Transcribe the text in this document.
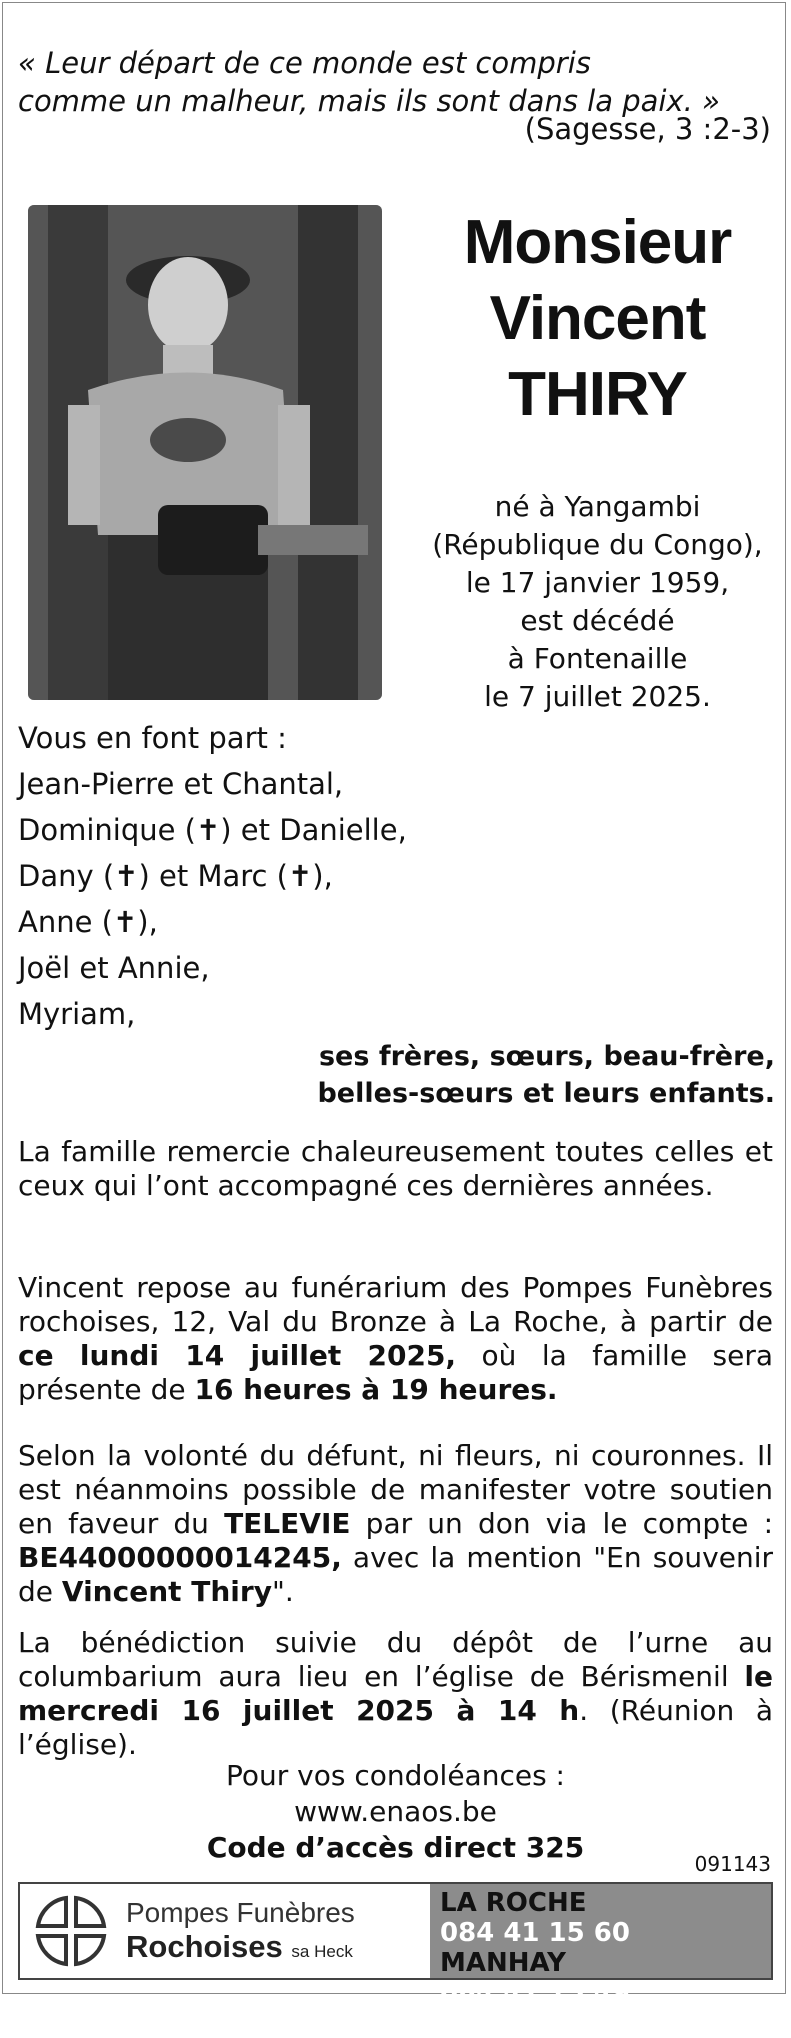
« Leur départ de ce monde est compris
comme un malheur, mais ils sont dans la paix. »
(Sagesse, 3 :2-3)
Monsieur
Vincent
THIRY
né à Yangambi
(République du Congo),
le 17 janvier 1959,
est décédé
à Fontenaille
le 7 juillet 2025.
Vous en font part :
Jean-Pierre et Chantal,
Dominique (✝) et Danielle,
Dany (✝) et Marc (✝),
Anne (✝),
Joël et Annie,
Myriam,
ses frères, sœurs, beau-frère,
belles-sœurs et leurs enfants.
La famille remercie chaleureusement toutes celles et ceux qui l’ont accompagné ces dernières années.
Vincent repose au funérarium des Pompes Funèbres rochoises, 12, Val du Bronze à La Roche, à partir de ce lundi 14 juillet 2025, où la famille sera présente de 16 heures à 19 heures.
Selon la volonté du défunt, ni fleurs, ni couronnes. Il est néanmoins possible de manifester votre soutien en faveur du TELEVIE par un don via le compte : BE44000000014245, avec la mention "En souvenir de Vincent Thiry".
La bénédiction suivie du dépôt de l’urne au columbarium aura lieu en l’église de Bérismenil le mercredi 16 juillet 2025 à 14 h. (Réunion à l’église).
Pour vos condoléances :
www.enaos.be
Code d’accès direct 325	091143
Pompes Funèbres
Rochoises sa Heck
LA ROCHE
084 41 15 60
MANHAY
084 41 15 49
0497 15 37 90
